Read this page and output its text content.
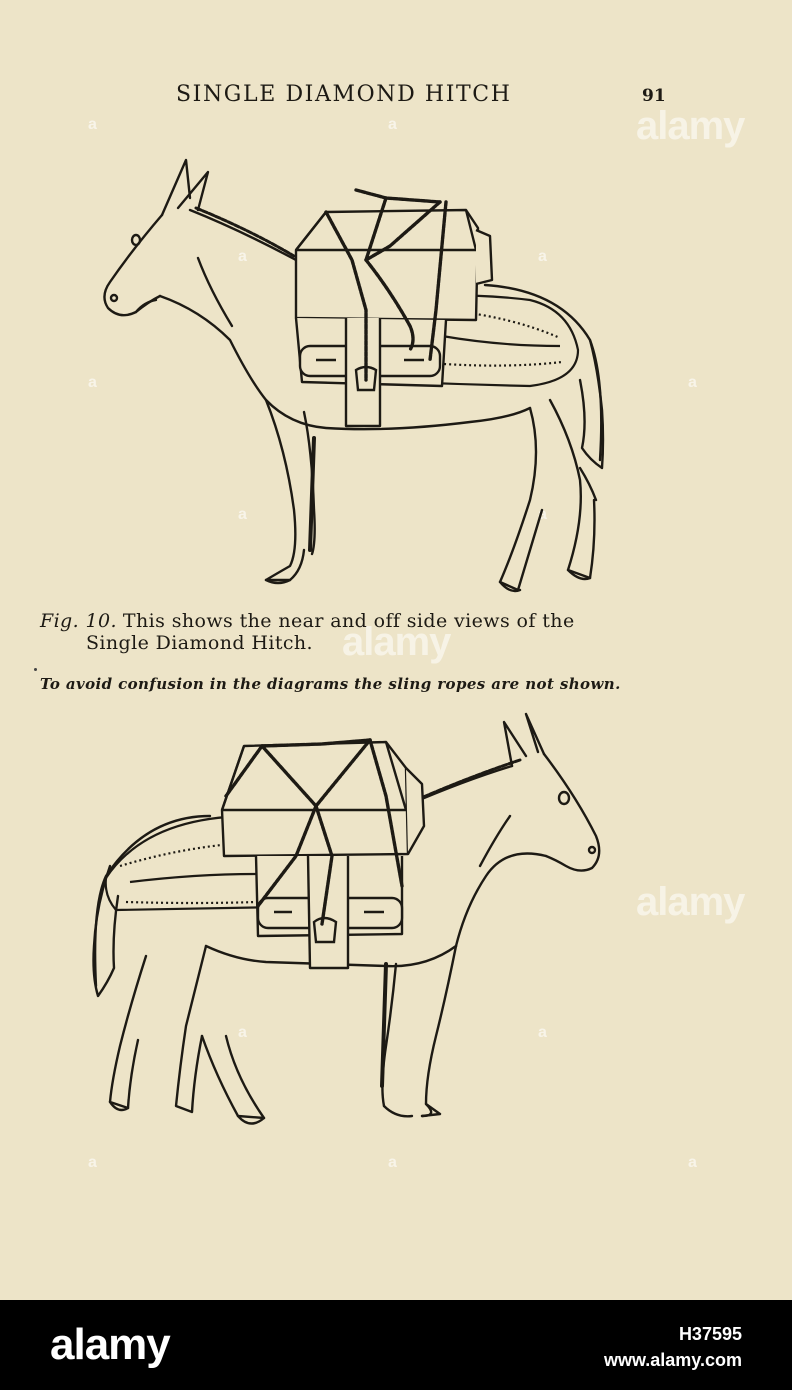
SINGLE DIAMOND HITCH	91
alamy
alamy
alamy
a	a
a	a
a
a
a	a
a	a	a
a	a
Fig. 10. This shows the near and off side views of the
Single Diamond Hitch.
To avoid confusion in the diagrams the sling ropes are not shown.
alamy	H37595
www.alamy.com
